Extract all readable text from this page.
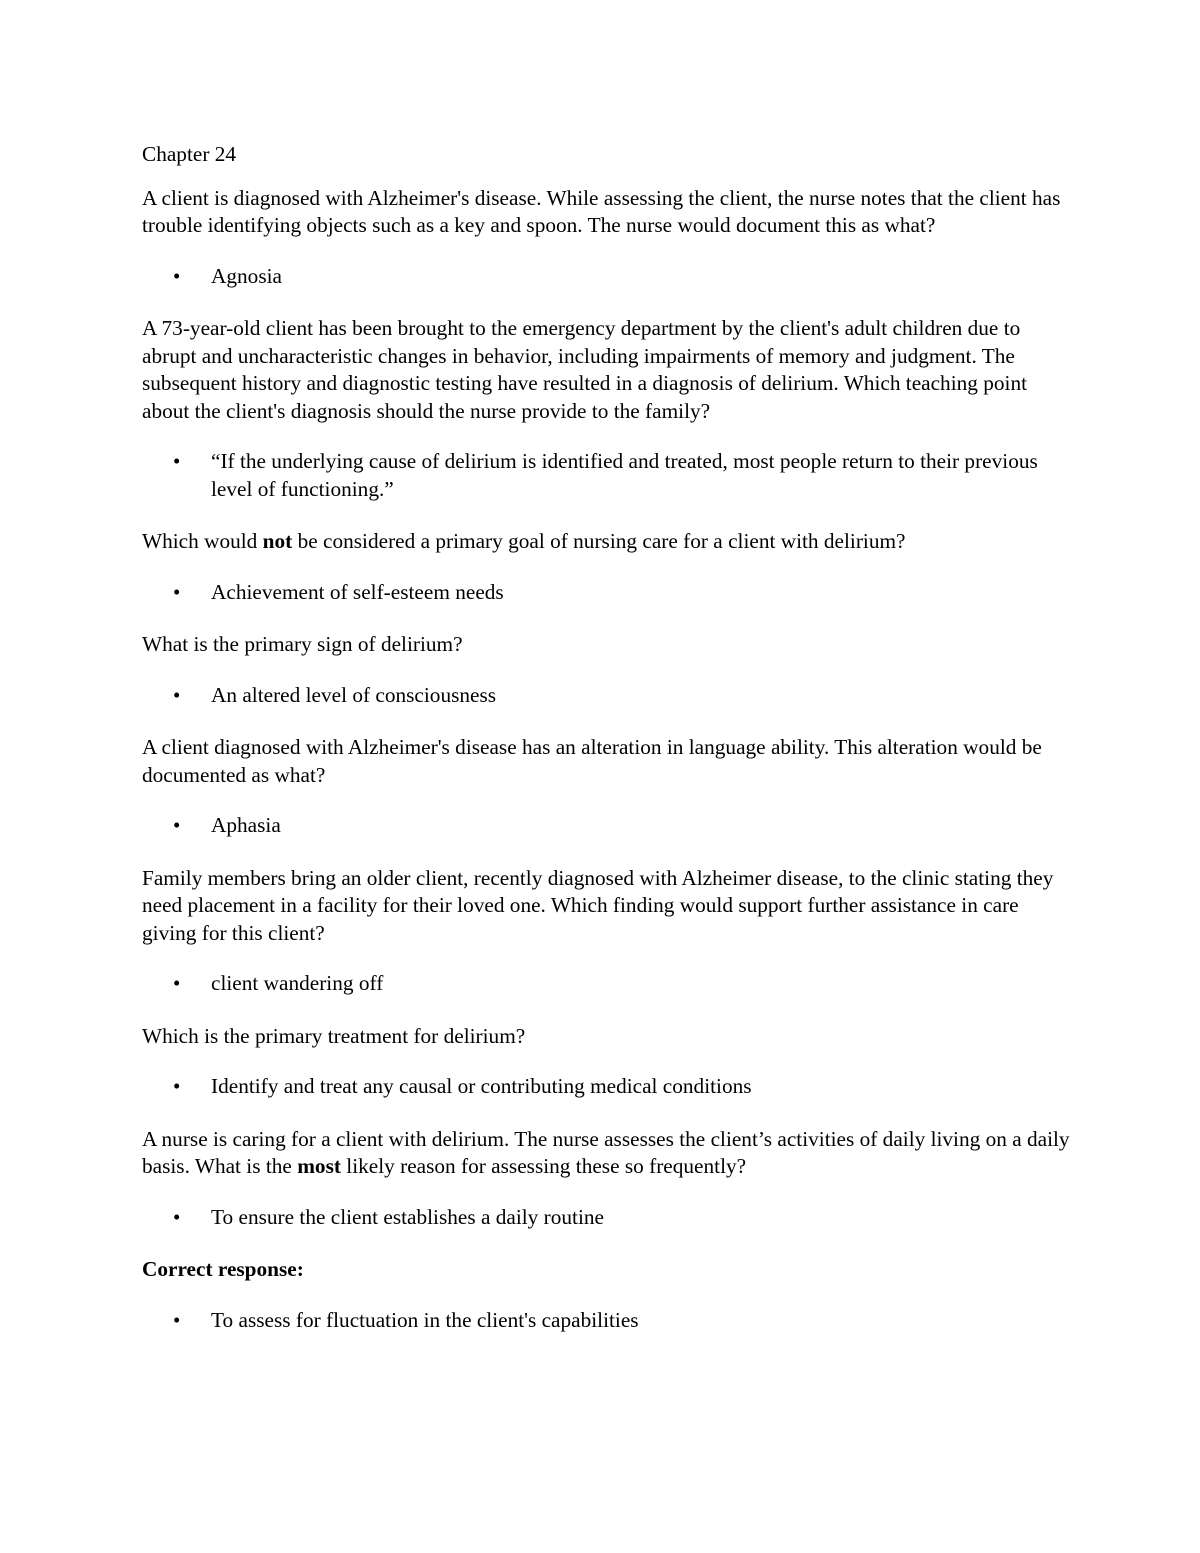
Chapter 24
A client is diagnosed with Alzheimer's disease. While assessing the client, the nurse notes that the client has trouble identifying objects such as a key and spoon. The nurse would document this as what?
•	Agnosia
A 73-year-old client has been brought to the emergency department by the client's adult children due to abrupt and uncharacteristic changes in behavior, including impairments of memory and judgment. The subsequent history and diagnostic testing have resulted in a diagnosis of delirium. Which teaching point about the client's diagnosis should the nurse provide to the family?
•	“If the underlying cause of delirium is identified and treated, most people return to their previous level of functioning.”
Which would not be considered a primary goal of nursing care for a client with delirium?
•	Achievement of self-esteem needs
What is the primary sign of delirium?
•	An altered level of consciousness
A client diagnosed with Alzheimer's disease has an alteration in language ability. This alteration would be documented as what?
•	Aphasia
Family members bring an older client, recently diagnosed with Alzheimer disease, to the clinic stating they need placement in a facility for their loved one. Which finding would support further assistance in care giving for this client?
•	client wandering off
Which is the primary treatment for delirium?
•	Identify and treat any causal or contributing medical conditions
A nurse is caring for a client with delirium. The nurse assesses the client’s activities of daily living on a daily basis. What is the most likely reason for assessing these so frequently?
•	To ensure the client establishes a daily routine
Correct response:
•	To assess for fluctuation in the client's capabilities
